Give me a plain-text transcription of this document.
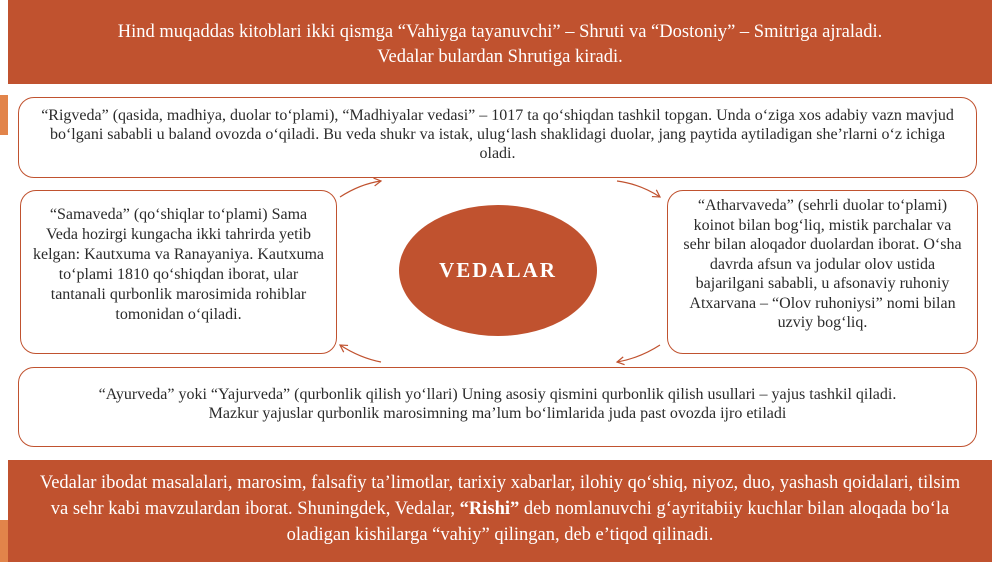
Hind muqaddas kitoblari ikki qismga “Vahiyga tayanuvchi” – Shruti va “Dostoniy” – Smitriga ajraladi.
Vedalar bulardan Shrutiga kiradi.
“Rigveda” (qasida, madhiya, duolar to‘plami), “Madhiyalar vedasi” – 1017 ta qo‘shiqdan tashkil topgan. Unda o‘ziga xos adabiy vazn mavjud bo‘lgani sababli u baland ovozda o‘qiladi. Bu veda shukr va istak, ulug‘lash shaklidagi duolar, jang paytida aytiladigan she’rlarni o‘z ichiga oladi.
“Samaveda” (qo‘shiqlar to‘plami) Sama Veda hozirgi kungacha ikki tahrirda yetib kelgan: Kautxuma va Ranayaniya. Kautxuma to‘plami 1810 qo‘shiqdan iborat, ular tantanali qurbonlik marosimida rohiblar tomonidan o‘qiladi.
VEDALAR
“Atharvaveda” (sehrli duolar to‘plami) koinot bilan bog‘liq, mistik parchalar va sehr bilan aloqador duolardan iborat. O‘sha davrda afsun va jodular olov ustida bajarilgani sababli, u afsonaviy ruhoniy Atxarvana – “Olov ruhoniysi” nomi bilan uzviy bog‘liq.
“Ayurveda” yoki “Yajurveda” (qurbonlik qilish yo‘llari) Uning asosiy qismini qurbonlik qilish usullari – yajus tashkil qiladi.
Mazkur yajuslar qurbonlik marosimning ma’lum bo‘limlarida juda past ovozda ijro etiladi
Vedalar ibodat masalalari, marosim, falsafiy ta’limotlar, tarixiy xabarlar, ilohiy qo‘shiq, niyoz, duo, yashash qoidalari, tilsim va sehr kabi mavzulardan iborat. Shuningdek, Vedalar, “Rishi” deb nomlanuvchi g‘ayritabiiy kuchlar bilan aloqada bo‘la oladigan kishilarga “vahiy” qilingan, deb e’tiqod qilinadi.
